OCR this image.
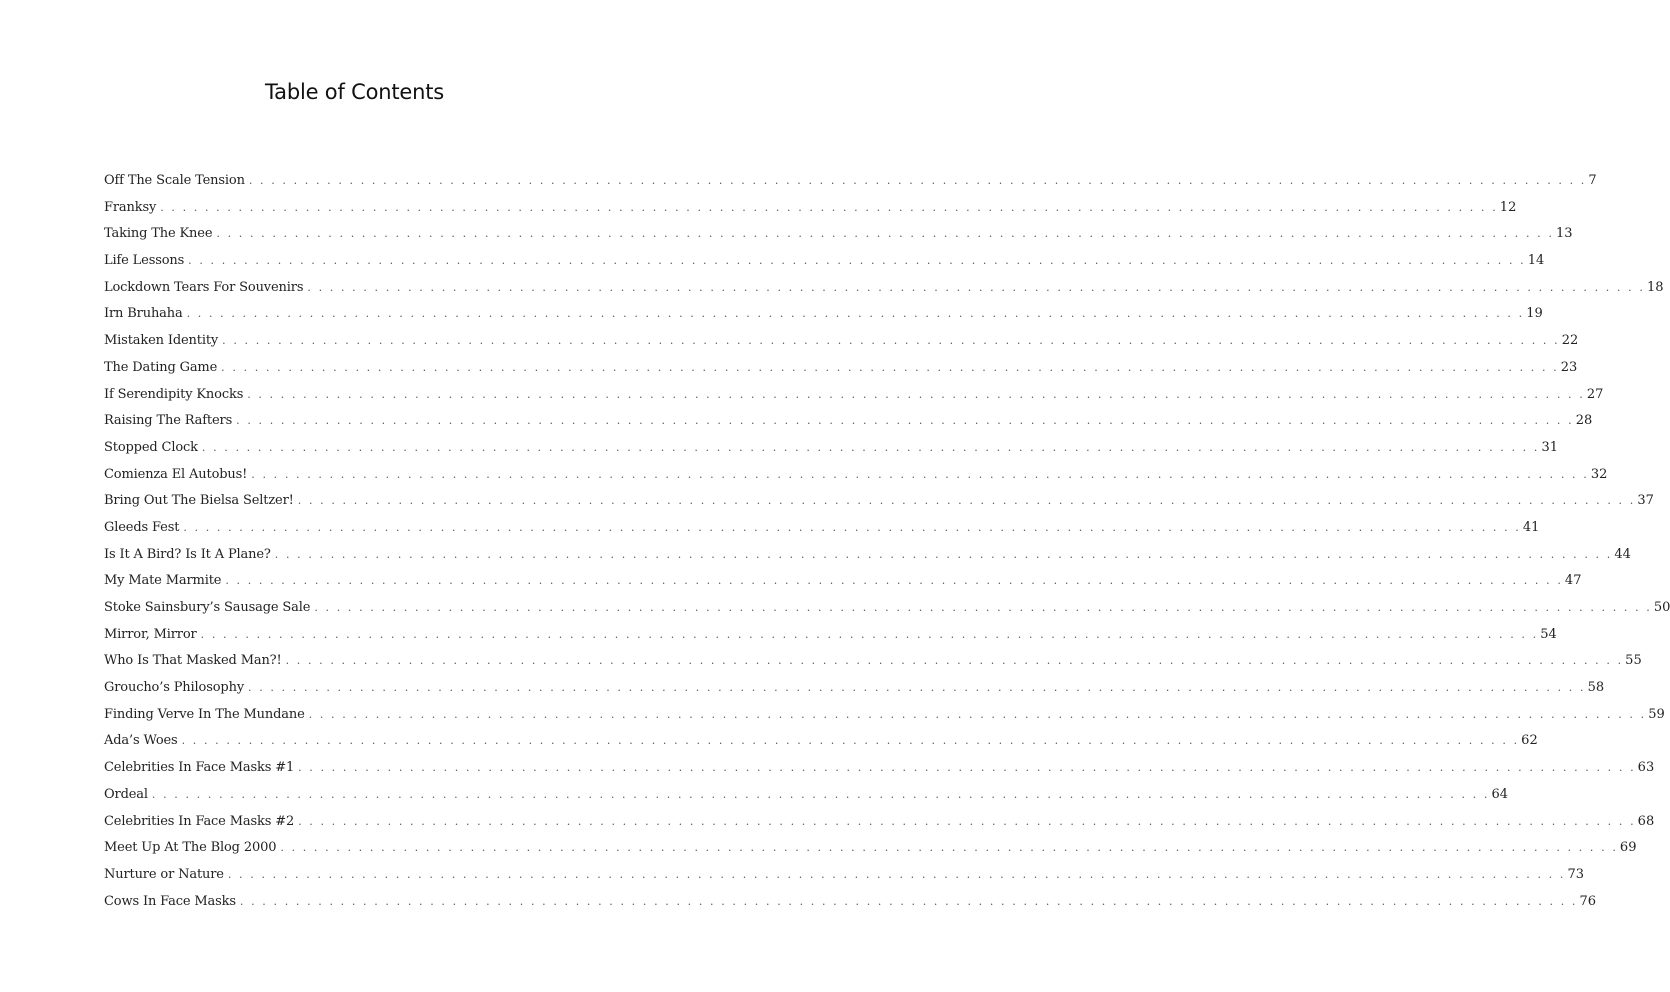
Table of Contents
Off The Scale Tension . . . . . . . . . . . . . . . . . . . . . . . . . . . . . . . . . . . . . . . . . . . . . . . . . . . . . . . . . . . . . . . . . . . . . . . . . . . . . . . . . . . . . . . . . . . . . . . . . . . . . . . . . . . . . . . . . . . . . . . . 7
Franksy . . . . . . . . . . . . . . . . . . . . . . . . . . . . . . . . . . . . . . . . . . . . . . . . . . . . . . . . . . . . . . . . . . . . . . . . . . . . . . . . . . . . . . . . . . . . . . . . . . . . . . . . . . . . . . . . . . . . . . . . 12
Taking The Knee . . . . . . . . . . . . . . . . . . . . . . . . . . . . . . . . . . . . . . . . . . . . . . . . . . . . . . . . . . . . . . . . . . . . . . . . . . . . . . . . . . . . . . . . . . . . . . . . . . . . . . . . . . . . . . . . . . . . . . . . 13
Life Lessons . . . . . . . . . . . . . . . . . . . . . . . . . . . . . . . . . . . . . . . . . . . . . . . . . . . . . . . . . . . . . . . . . . . . . . . . . . . . . . . . . . . . . . . . . . . . . . . . . . . . . . . . . . . . . . . . . . . . . . . . 14
Lockdown Tears For Souvenirs . . . . . . . . . . . . . . . . . . . . . . . . . . . . . . . . . . . . . . . . . . . . . . . . . . . . . . . . . . . . . . . . . . . . . . . . . . . . . . . . . . . . . . . . . . . . . . . . . . . . . . . . . . . . . . . . . . . . . . . . 18
Irn Bruhaha . . . . . . . . . . . . . . . . . . . . . . . . . . . . . . . . . . . . . . . . . . . . . . . . . . . . . . . . . . . . . . . . . . . . . . . . . . . . . . . . . . . . . . . . . . . . . . . . . . . . . . . . . . . . . . . . . . . . . . . . 19
Mistaken Identity . . . . . . . . . . . . . . . . . . . . . . . . . . . . . . . . . . . . . . . . . . . . . . . . . . . . . . . . . . . . . . . . . . . . . . . . . . . . . . . . . . . . . . . . . . . . . . . . . . . . . . . . . . . . . . . . . . . . . . . . 22
The Dating Game . . . . . . . . . . . . . . . . . . . . . . . . . . . . . . . . . . . . . . . . . . . . . . . . . . . . . . . . . . . . . . . . . . . . . . . . . . . . . . . . . . . . . . . . . . . . . . . . . . . . . . . . . . . . . . . . . . . . . . . . 23
If Serendipity Knocks . . . . . . . . . . . . . . . . . . . . . . . . . . . . . . . . . . . . . . . . . . . . . . . . . . . . . . . . . . . . . . . . . . . . . . . . . . . . . . . . . . . . . . . . . . . . . . . . . . . . . . . . . . . . . . . . . . . . . . . . 27
Raising The Rafters . . . . . . . . . . . . . . . . . . . . . . . . . . . . . . . . . . . . . . . . . . . . . . . . . . . . . . . . . . . . . . . . . . . . . . . . . . . . . . . . . . . . . . . . . . . . . . . . . . . . . . . . . . . . . . . . . . . . . . . . 28
Stopped Clock . . . . . . . . . . . . . . . . . . . . . . . . . . . . . . . . . . . . . . . . . . . . . . . . . . . . . . . . . . . . . . . . . . . . . . . . . . . . . . . . . . . . . . . . . . . . . . . . . . . . . . . . . . . . . . . . . . . . . . . . 31
Comienza El Autobus! . . . . . . . . . . . . . . . . . . . . . . . . . . . . . . . . . . . . . . . . . . . . . . . . . . . . . . . . . . . . . . . . . . . . . . . . . . . . . . . . . . . . . . . . . . . . . . . . . . . . . . . . . . . . . . . . . . . . . . . . 32
Bring Out The Bielsa Seltzer! . . . . . . . . . . . . . . . . . . . . . . . . . . . . . . . . . . . . . . . . . . . . . . . . . . . . . . . . . . . . . . . . . . . . . . . . . . . . . . . . . . . . . . . . . . . . . . . . . . . . . . . . . . . . . . . . . . . . . . . . 37
Gleeds Fest . . . . . . . . . . . . . . . . . . . . . . . . . . . . . . . . . . . . . . . . . . . . . . . . . . . . . . . . . . . . . . . . . . . . . . . . . . . . . . . . . . . . . . . . . . . . . . . . . . . . . . . . . . . . . . . . . . . . . . . . 41
Is It A Bird? Is It A Plane? . . . . . . . . . . . . . . . . . . . . . . . . . . . . . . . . . . . . . . . . . . . . . . . . . . . . . . . . . . . . . . . . . . . . . . . . . . . . . . . . . . . . . . . . . . . . . . . . . . . . . . . . . . . . . . . . . . . . . . . . 44
My Mate Marmite . . . . . . . . . . . . . . . . . . . . . . . . . . . . . . . . . . . . . . . . . . . . . . . . . . . . . . . . . . . . . . . . . . . . . . . . . . . . . . . . . . . . . . . . . . . . . . . . . . . . . . . . . . . . . . . . . . . . . . . . 47
Stoke Sainsbury’s Sausage Sale . . . . . . . . . . . . . . . . . . . . . . . . . . . . . . . . . . . . . . . . . . . . . . . . . . . . . . . . . . . . . . . . . . . . . . . . . . . . . . . . . . . . . . . . . . . . . . . . . . . . . . . . . . . . . . . . . . . . . . . . 50
Mirror, Mirror . . . . . . . . . . . . . . . . . . . . . . . . . . . . . . . . . . . . . . . . . . . . . . . . . . . . . . . . . . . . . . . . . . . . . . . . . . . . . . . . . . . . . . . . . . . . . . . . . . . . . . . . . . . . . . . . . . . . . . . . 54
Who Is That Masked Man?! . . . . . . . . . . . . . . . . . . . . . . . . . . . . . . . . . . . . . . . . . . . . . . . . . . . . . . . . . . . . . . . . . . . . . . . . . . . . . . . . . . . . . . . . . . . . . . . . . . . . . . . . . . . . . . . . . . . . . . . . 55
Groucho’s Philosophy . . . . . . . . . . . . . . . . . . . . . . . . . . . . . . . . . . . . . . . . . . . . . . . . . . . . . . . . . . . . . . . . . . . . . . . . . . . . . . . . . . . . . . . . . . . . . . . . . . . . . . . . . . . . . . . . . . . . . . . . 58
Finding Verve In The Mundane . . . . . . . . . . . . . . . . . . . . . . . . . . . . . . . . . . . . . . . . . . . . . . . . . . . . . . . . . . . . . . . . . . . . . . . . . . . . . . . . . . . . . . . . . . . . . . . . . . . . . . . . . . . . . . . . . . . . . . . . 59
Ada’s Woes . . . . . . . . . . . . . . . . . . . . . . . . . . . . . . . . . . . . . . . . . . . . . . . . . . . . . . . . . . . . . . . . . . . . . . . . . . . . . . . . . . . . . . . . . . . . . . . . . . . . . . . . . . . . . . . . . . . . . . . . 62
Celebrities In Face Masks #1 . . . . . . . . . . . . . . . . . . . . . . . . . . . . . . . . . . . . . . . . . . . . . . . . . . . . . . . . . . . . . . . . . . . . . . . . . . . . . . . . . . . . . . . . . . . . . . . . . . . . . . . . . . . . . . . . . . . . . . . . 63
Ordeal . . . . . . . . . . . . . . . . . . . . . . . . . . . . . . . . . . . . . . . . . . . . . . . . . . . . . . . . . . . . . . . . . . . . . . . . . . . . . . . . . . . . . . . . . . . . . . . . . . . . . . . . . . . . . . . . . . . . . . . . 64
Celebrities In Face Masks #2 . . . . . . . . . . . . . . . . . . . . . . . . . . . . . . . . . . . . . . . . . . . . . . . . . . . . . . . . . . . . . . . . . . . . . . . . . . . . . . . . . . . . . . . . . . . . . . . . . . . . . . . . . . . . . . . . . . . . . . . . 68
Meet Up At The Blog 2000 . . . . . . . . . . . . . . . . . . . . . . . . . . . . . . . . . . . . . . . . . . . . . . . . . . . . . . . . . . . . . . . . . . . . . . . . . . . . . . . . . . . . . . . . . . . . . . . . . . . . . . . . . . . . . . . . . . . . . . . . 69
Nurture or Nature . . . . . . . . . . . . . . . . . . . . . . . . . . . . . . . . . . . . . . . . . . . . . . . . . . . . . . . . . . . . . . . . . . . . . . . . . . . . . . . . . . . . . . . . . . . . . . . . . . . . . . . . . . . . . . . . . . . . . . . . 73
Cows In Face Masks . . . . . . . . . . . . . . . . . . . . . . . . . . . . . . . . . . . . . . . . . . . . . . . . . . . . . . . . . . . . . . . . . . . . . . . . . . . . . . . . . . . . . . . . . . . . . . . . . . . . . . . . . . . . . . . . . . . . . . . . 76
